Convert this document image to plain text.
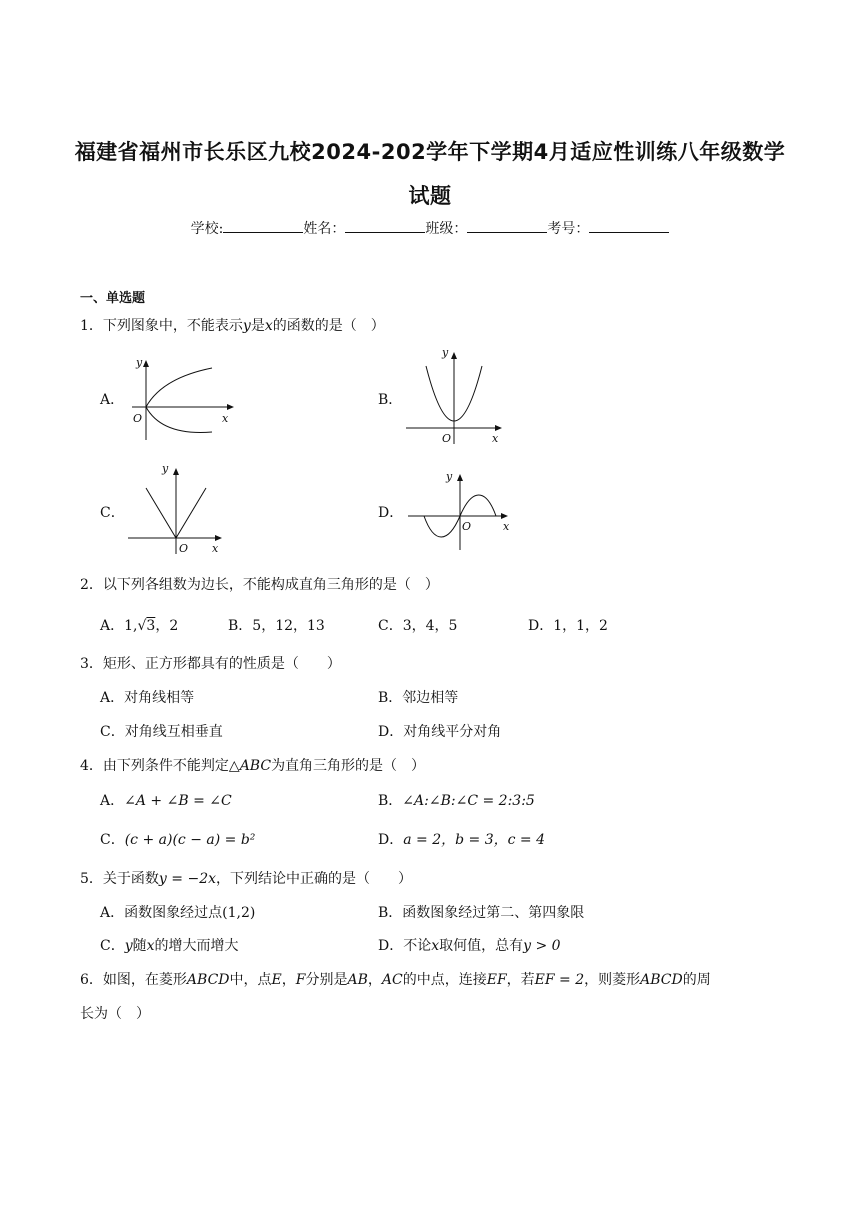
福建省福州市长乐区九校2024-202学年下学期4月适应性训练八年级数学
试题
学校:	姓名：	班级：	考号：
一、单选题
1．下列图象中，不能表示y是x的函数的是（　）
A．	B．
C．	D．
y
x
O
y
x
O
y
x
O
y
x
O
2．以下列各组数为边长，不能构成直角三角形的是（　）
A．1,√3，2	B．5，12，13	C．3，4，5	D．1，1，2
3．矩形、正方形都具有的性质是（　　）
A．对角线相等	B．邻边相等
C．对角线互相垂直	D．对角线平分对角
4．由下列条件不能判定△ABC为直角三角形的是（　）
A．∠A + ∠B = ∠C	B．∠A:∠B:∠C = 2:3:5
C．(c + a)(c − a) = b²	D．a = 2，b = 3，c = 4
5．关于函数y = −2x，下列结论中正确的是（　　）
A．函数图象经过点(1,2)	B．函数图象经过第二、第四象限
C．y随x的增大而增大	D．不论x取何值，总有y > 0
6．如图，在菱形ABCD中，点E，F分别是AB，AC的中点，连接EF，若EF = 2，则菱形ABCD的周
长为（　）
